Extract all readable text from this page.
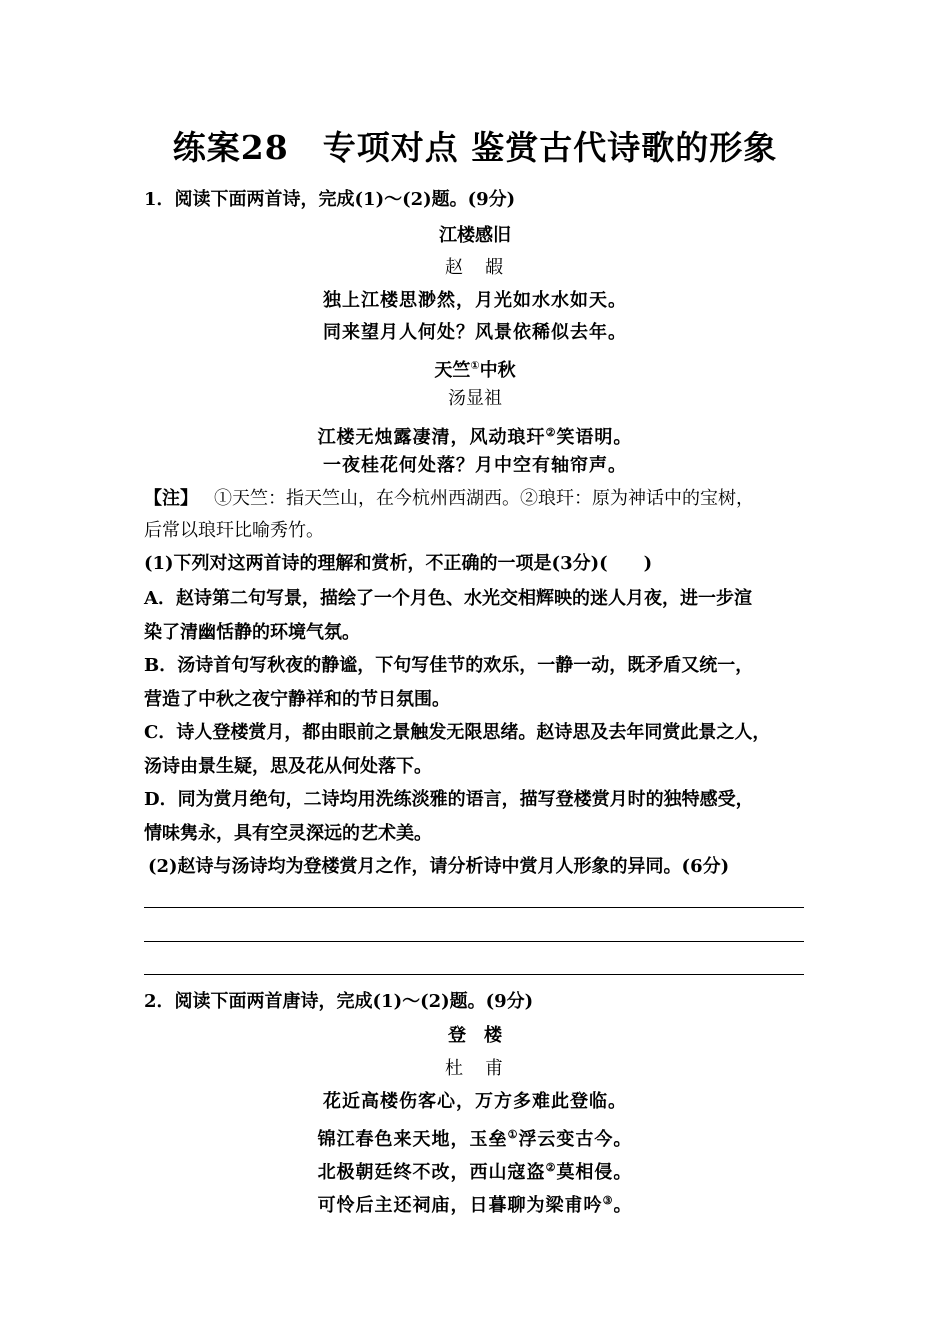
练案28　专项对点 鉴赏古代诗歌的形象
1．阅读下面两首诗，完成(1)～(2)题。(9分)
江楼感旧
赵　嘏
独上江楼思渺然，月光如水水如天。
同来望月人何处？风景依稀似去年。
天竺①中秋
汤显祖
江楼无烛露凄清，风动琅玕②笑语明。
一夜桂花何处落？月中空有轴帘声。
【注】 ①天竺：指天竺山，在今杭州西湖西。②琅玕：原为神话中的宝树，
后常以琅玕比喻秀竹。
(1)下列对这两首诗的理解和赏析，不正确的一项是(3分)(　　)
A．赵诗第二句写景，描绘了一个月色、水光交相辉映的迷人月夜，进一步渲
染了清幽恬静的环境气氛。
B．汤诗首句写秋夜的静谧，下句写佳节的欢乐，一静一动，既矛盾又统一，
营造了中秋之夜宁静祥和的节日氛围。
C．诗人登楼赏月，都由眼前之景触发无限思绪。赵诗思及去年同赏此景之人，
汤诗由景生疑，思及花从何处落下。
D．同为赏月绝句，二诗均用洗练淡雅的语言，描写登楼赏月时的独特感受，
情味隽永，具有空灵深远的艺术美。
(2)赵诗与汤诗均为登楼赏月之作，请分析诗中赏月人形象的异同。(6分)
2．阅读下面两首唐诗，完成(1)～(2)题。(9分)
登　楼
杜　甫
花近高楼伤客心，万方多难此登临。
锦江春色来天地，玉垒①浮云变古今。
北极朝廷终不改，西山寇盗②莫相侵。
可怜后主还祠庙，日暮聊为梁甫吟③。
